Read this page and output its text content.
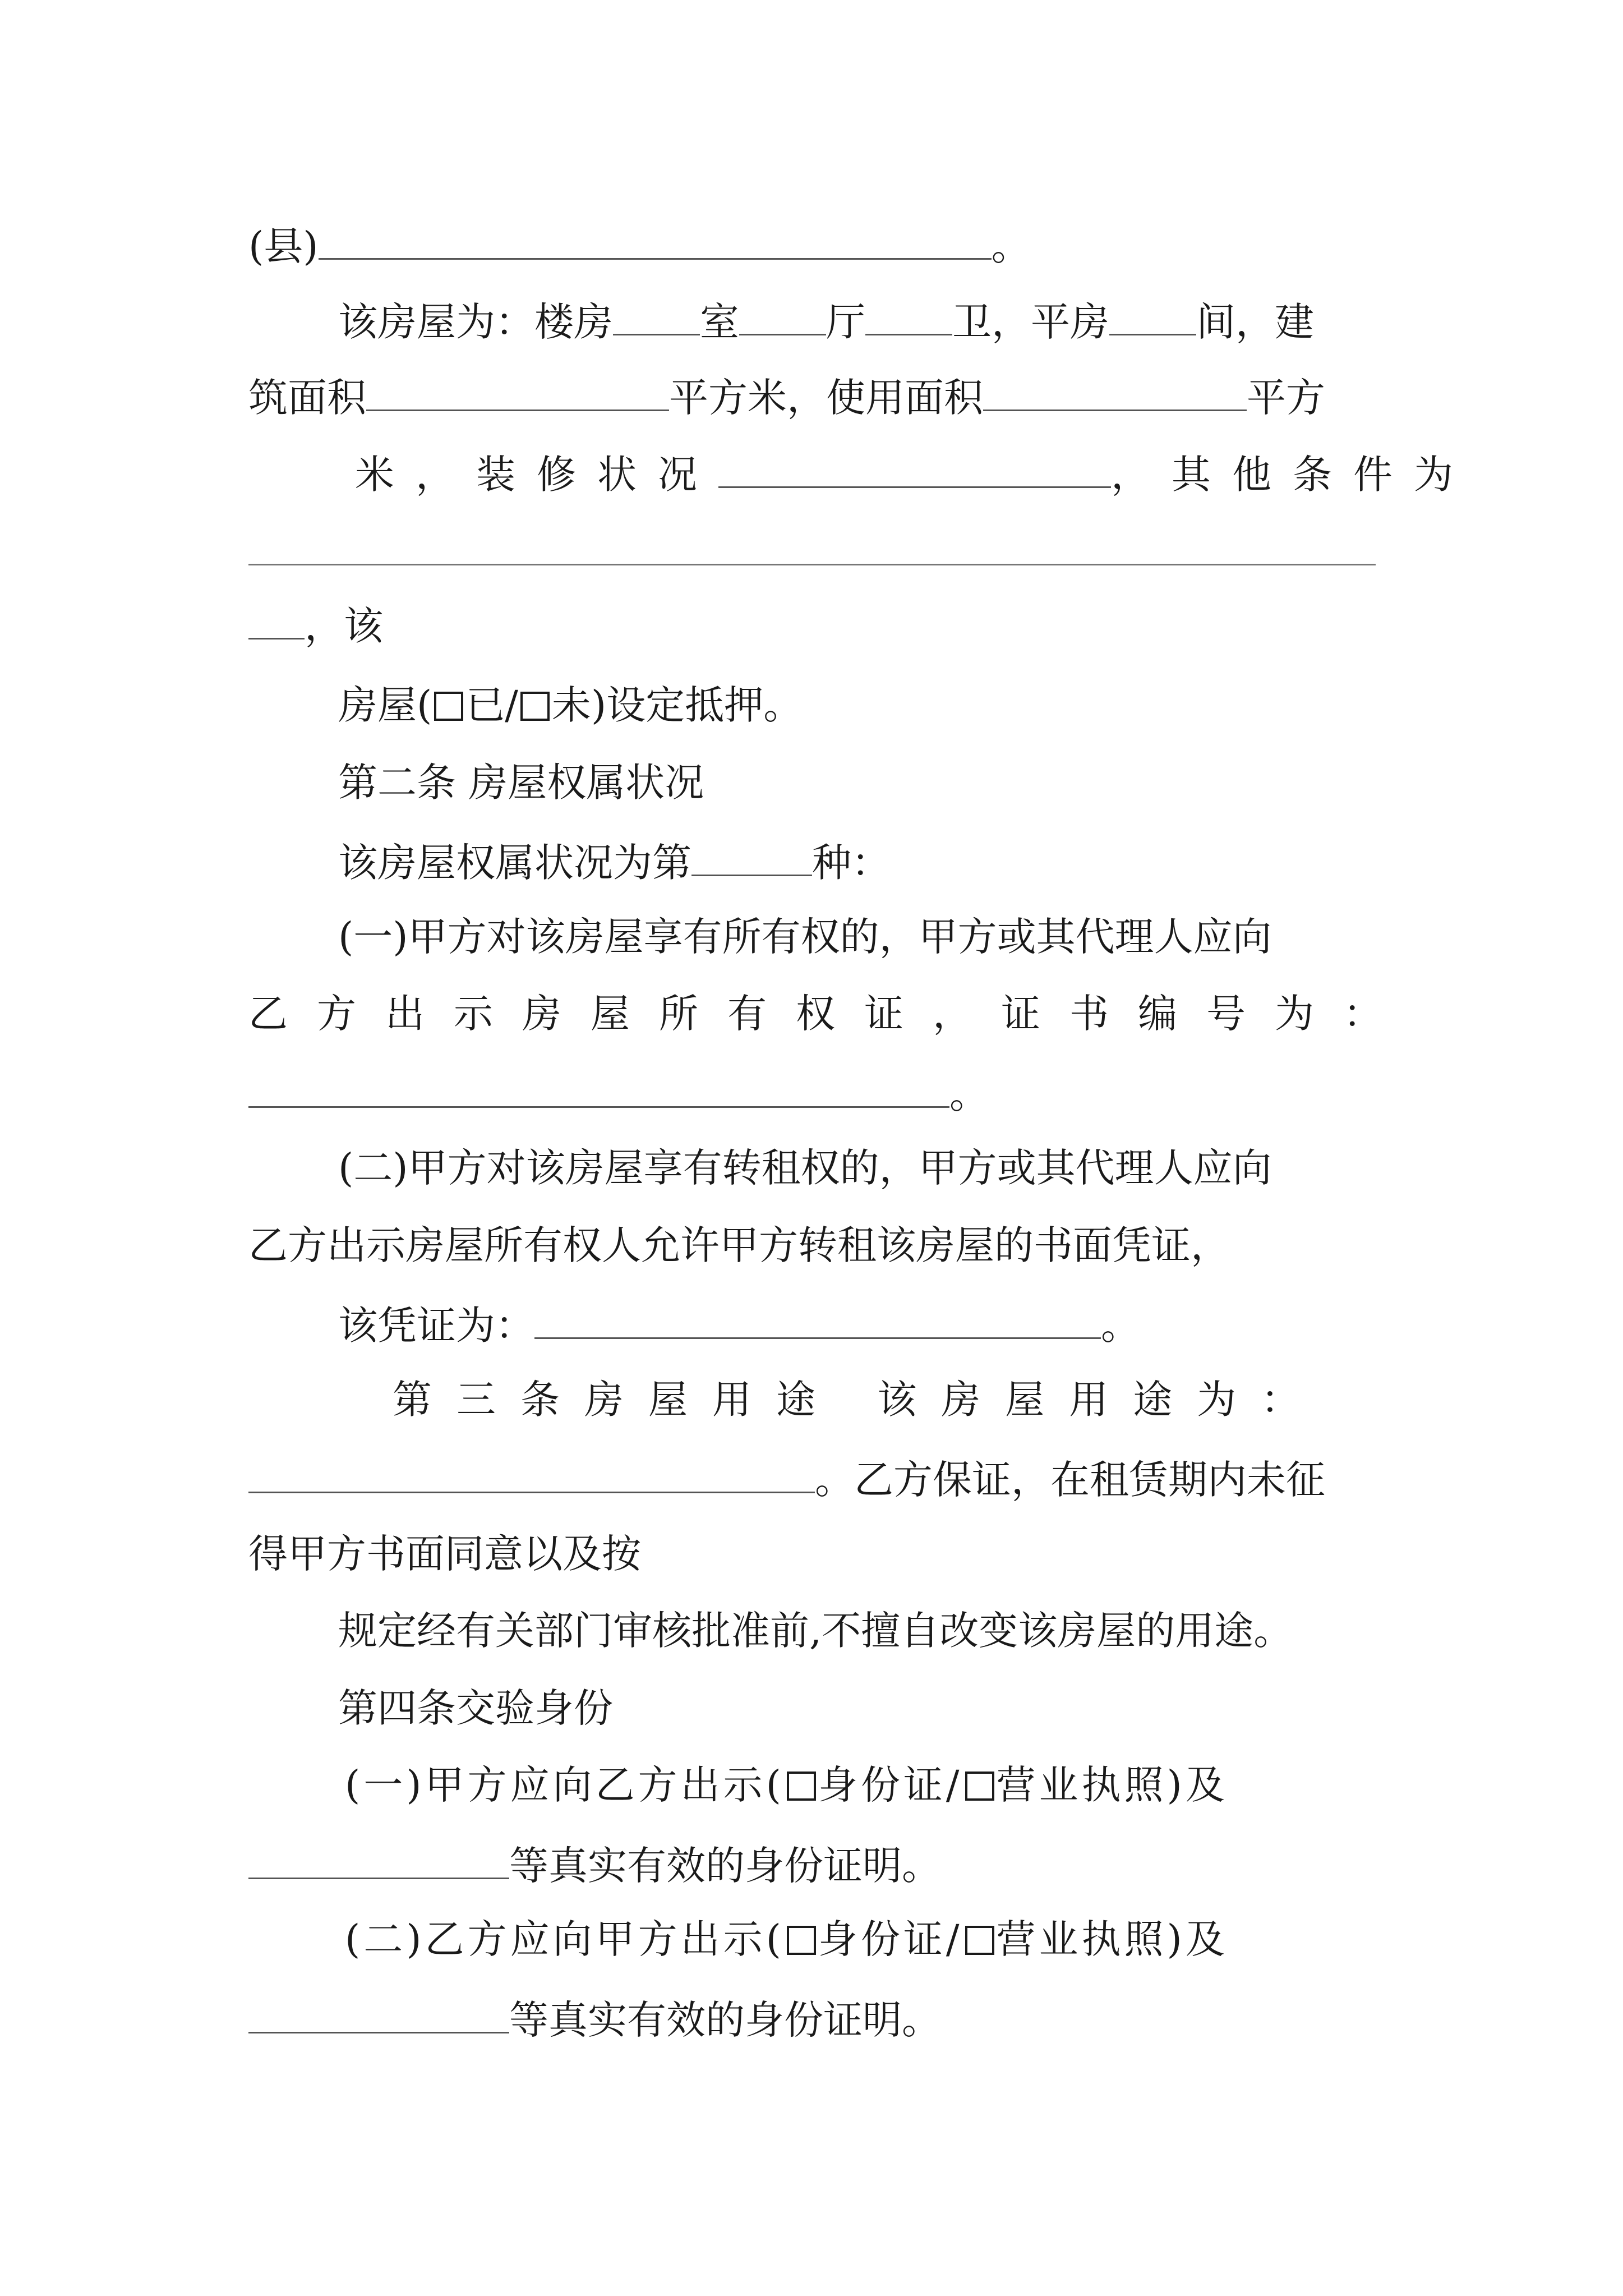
(县)	。
该房屋为：楼房 室 厅 卫，平房 间，建
筑面积	平方米，使用面积	平方
米，装修状况	，其他条件为
，该
房屋( 已/ 未)设定抵押。
第二条 房屋权属状况
该房屋权属状况为第	种：
(一)甲方对该房屋享有所有权的，甲方或其代理人应向
乙方出示房屋所有权证，证书编号为：
。
(二)甲方对该房屋享有转租权的，甲方或其代理人应向
乙方出示房屋所有权人允许甲方转租该房屋的书面凭证，
该凭证为：	。
第三条房屋用途 该房屋用途为：
。乙方保证，在租赁期内未征
得甲方书面同意以及按
规定经有关部门审核批准前,不擅自改变该房屋的用途。
第四条交验身份
(一)甲方应向乙方出示( 身份证/ 营业执照)及
等真实有效的身份证明。
(二)乙方应向甲方出示( 身份证/ 营业执照)及
等真实有效的身份证明。
